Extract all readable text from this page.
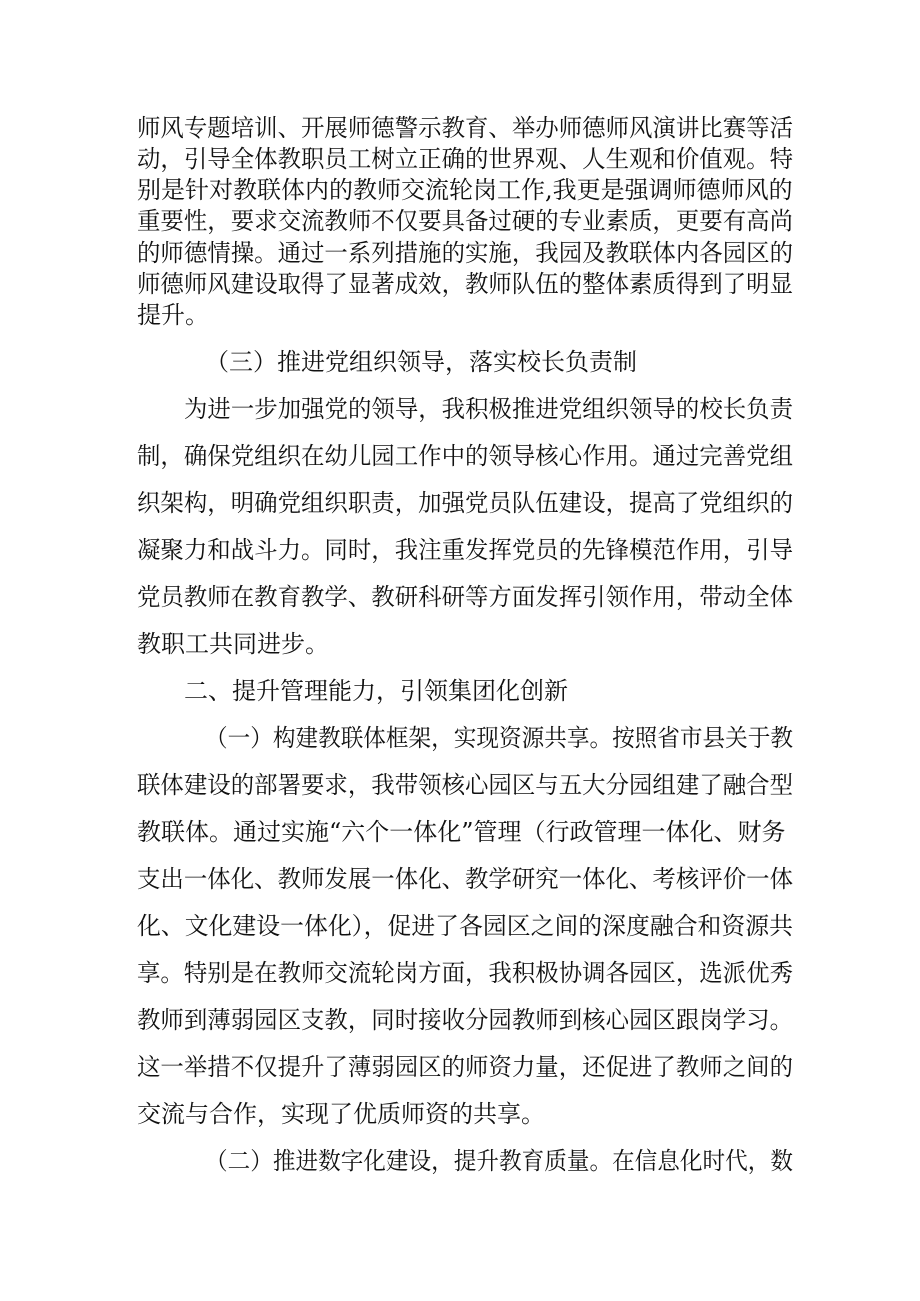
师风专题培训、开展师德警示教育、举办师德师风演讲比赛等活
动，引导全体教职员工树立正确的世界观、人生观和价值观。特
别是针对教联体内的教师交流轮岗工作,我更是强调师德师风的
重要性，要求交流教师不仅要具备过硬的专业素质，更要有高尚
的师德情操。通过一系列措施的实施，我园及教联体内各园区的
师德师风建设取得了显著成效，教师队伍的整体素质得到了明显
提升。
（三）推进党组织领导，落实校长负责制
为进一步加强党的领导，我积极推进党组织领导的校长负责
制，确保党组织在幼儿园工作中的领导核心作用。通过完善党组
织架构，明确党组织职责，加强党员队伍建设，提高了党组织的
凝聚力和战斗力。同时，我注重发挥党员的先锋模范作用，引导
党员教师在教育教学、教研科研等方面发挥引领作用，带动全体
教职工共同进步。
二、提升管理能力，引领集团化创新
（一）构建教联体框架，实现资源共享。按照省市县关于教
联体建设的部署要求，我带领核心园区与五大分园组建了融合型
教联体。通过实施“六个一体化”管理（行政管理一体化、财务
支出一体化、教师发展一体化、教学研究一体化、考核评价一体
化、文化建设一体化），促进了各园区之间的深度融合和资源共
享。特别是在教师交流轮岗方面，我积极协调各园区，选派优秀
教师到薄弱园区支教，同时接收分园教师到核心园区跟岗学习。
这一举措不仅提升了薄弱园区的师资力量，还促进了教师之间的
交流与合作，实现了优质师资的共享。
（二）推进数字化建设，提升教育质量。在信息化时代，数
